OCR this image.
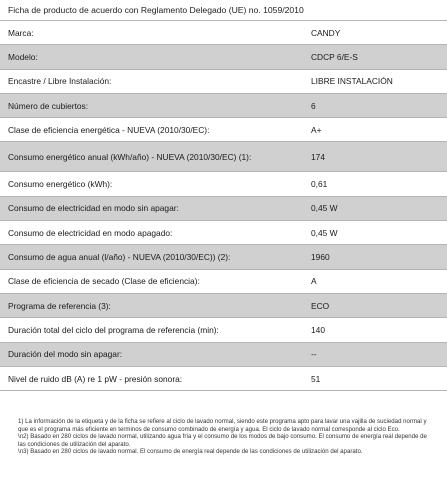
Ficha de producto de acuerdo con Reglamento Delegado (UE) no. 1059/2010
Marca:	CANDY
Modelo:	CDCP 6/E-S
Encastre / Libre Instalación:	LIBRE INSTALACIÓN
Número de cubiertos:	6
Clase de eficiencia energética - NUEVA (2010/30/EC):	A+
Consumo energético anual (kWh/año) - NUEVA (2010/30/EC) (1):	174
Consumo energético (kWh):	0,61
Consumo de electricidad en modo sin apagar:	0,45 W
Consumo de electricidad en modo apagado:	0,45 W
Consumo de agua anual (l/año) - NUEVA (2010/30/EC)) (2):	1960
Clase de eficiencia de secado (Clase de eficiencia):	A
Programa de referencia (3):	ECO
Duración total del ciclo del programa de referencia (min):	140
Duración del modo sin apagar:	--
Nivel de ruido dB (A) re 1 pW - presión sonora:	51

1) La información de la etiqueta y de la ficha se refiere al ciclo de lavado normal, siendo este programa apto para lavar una vajilla de suciedad normal y que es el programa más eficiente en terminos de consumo combinado de energía y agua. El ciclo de lavado normal corresponde al ciclo Eco.

\n2) Basado en 280 ciclos de lavado normal, utilizando agua fría y el consumo de los modos de bajo consumo. El consumo de energía real depende de las condiciones de utilización del aparato.

\n3) Basado en 280 ciclos de lavado normal. El consumo de energía real depende de las condiciones de utilización del aparato.
